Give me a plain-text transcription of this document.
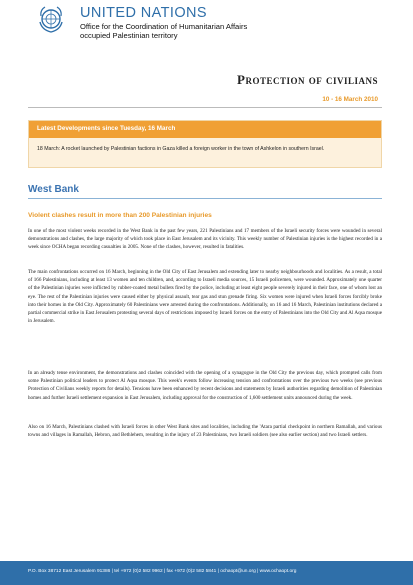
UNITED NATIONS
Office for the Coordination of Humanitarian Affairs
occupied Palestinian territory
Protection of civilians
10 - 16 March 2010
Latest Developments since Tuesday, 16 March
18 March: A rocket launched by Palestinian factions in Gaza killed a foreign worker in the town of Ashkelon in southern Israel.
West Bank
Violent clashes result in more than 200 Palestinian injuries

In one of the most violent weeks recorded in the West Bank in the past few years, 221 Palestinians and 17 members of the Israeli security forces were wounded in several demonstrations and clashes, the large majority of which took place in East Jerusalem and its vicinity. This weekly number of Palestinian injuries is the highest recorded in a week since OCHA began recording casualties in 2005. None of the clashes, however, resulted in fatalities.

The main confrontations occurred on 16 March, beginning in the Old City of East Jerusalem and extending later to nearby neighbourhoods and localities. As a result, a total of 166 Palestinians, including at least 13 women and ten children, and, according to Israeli media sources, 15 Israeli policemen, were wounded. Approximately one quarter of the Palestinian injuries were inflicted by rubber-coated metal bullets fired by the police, including at least eight people severely injured in their face, one of whom lost an eye. The rest of the Palestinian injuries were caused either by physical assault, tear gas and stun grenade firing. Six women were injured when Israeli forces forcibly broke into their homes in the Old City. Approximately 60 Palestinians were arrested during the confrontations. Additionally, on 16 and 16 March, Palestinian institutions declared a partial commercial strike in East Jerusalem protesting several days of restrictions imposed by Israeli forces on the entry of Palestinians into the Old City and Al Aqsa mosque in Jerusalem.

In an already tense environment, the demonstrations and clashes coincided with the opening of a synagogue in the Old City the previous day, which prompted calls from some Palestinian political leaders to protect Al Aqsa mosque. This week's events follow increasing tension and confrontations over the previous two weeks (see previous Protection of Civilians weekly reports for details). Tensions have been enhanced by recent decisions and statements by Israeli authorities regarding demolition of Palestinian homes and further Israeli settlement expansion in East Jerusalem, including approval for the construction of 1,600 settlement units announced during the week.

Also on 16 March, Palestinians clashed with Israeli forces in other West Bank sites and localities, including the 'Atara partial checkpoint in northern Ramallah, and various towns and villages in Ramallah, Hebron, and Bethlehem, resulting in the injury of 23 Palestinians, two Israeli soldiers (see also earlier section) and two Israeli settlers.

P.O. Box 38712 East Jerusalem 91386 | tel +972 (0)2 582 9962 | fax +972 (0)2 582 5841 | ochaopt@un.org | www.ochaopt.org
